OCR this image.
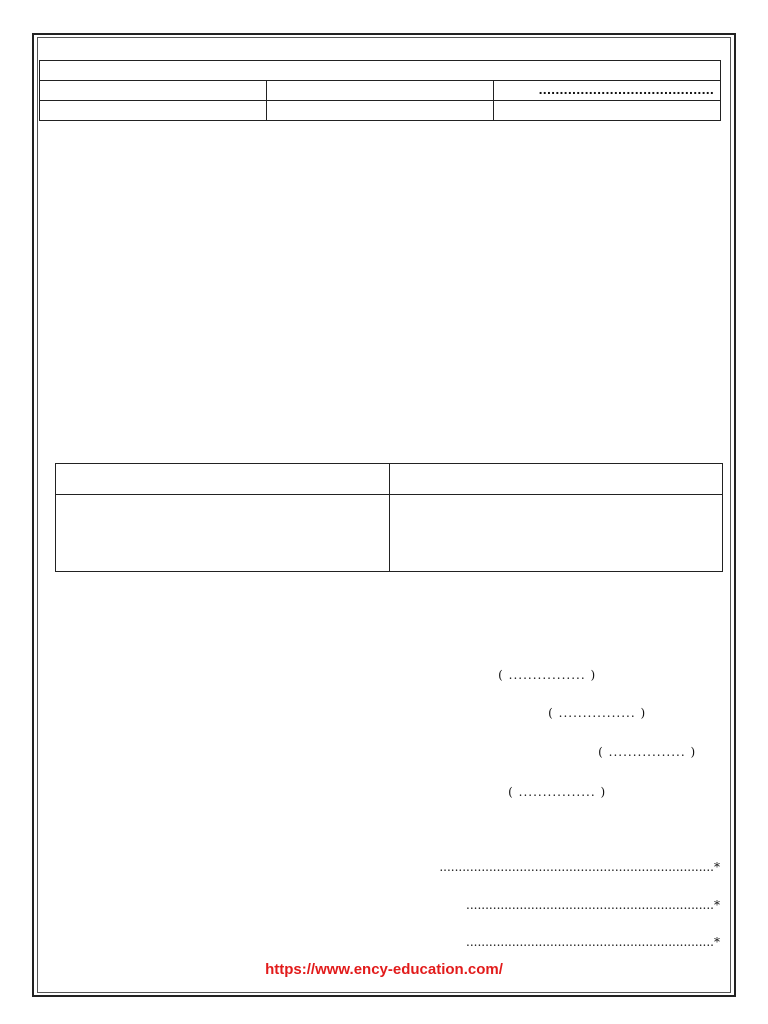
		..........................................

( ................ )
( ................ )
( ................ )
( ................ )
*........................................................................
*.................................................................
*.................................................................
https://www.ency-education.com/
